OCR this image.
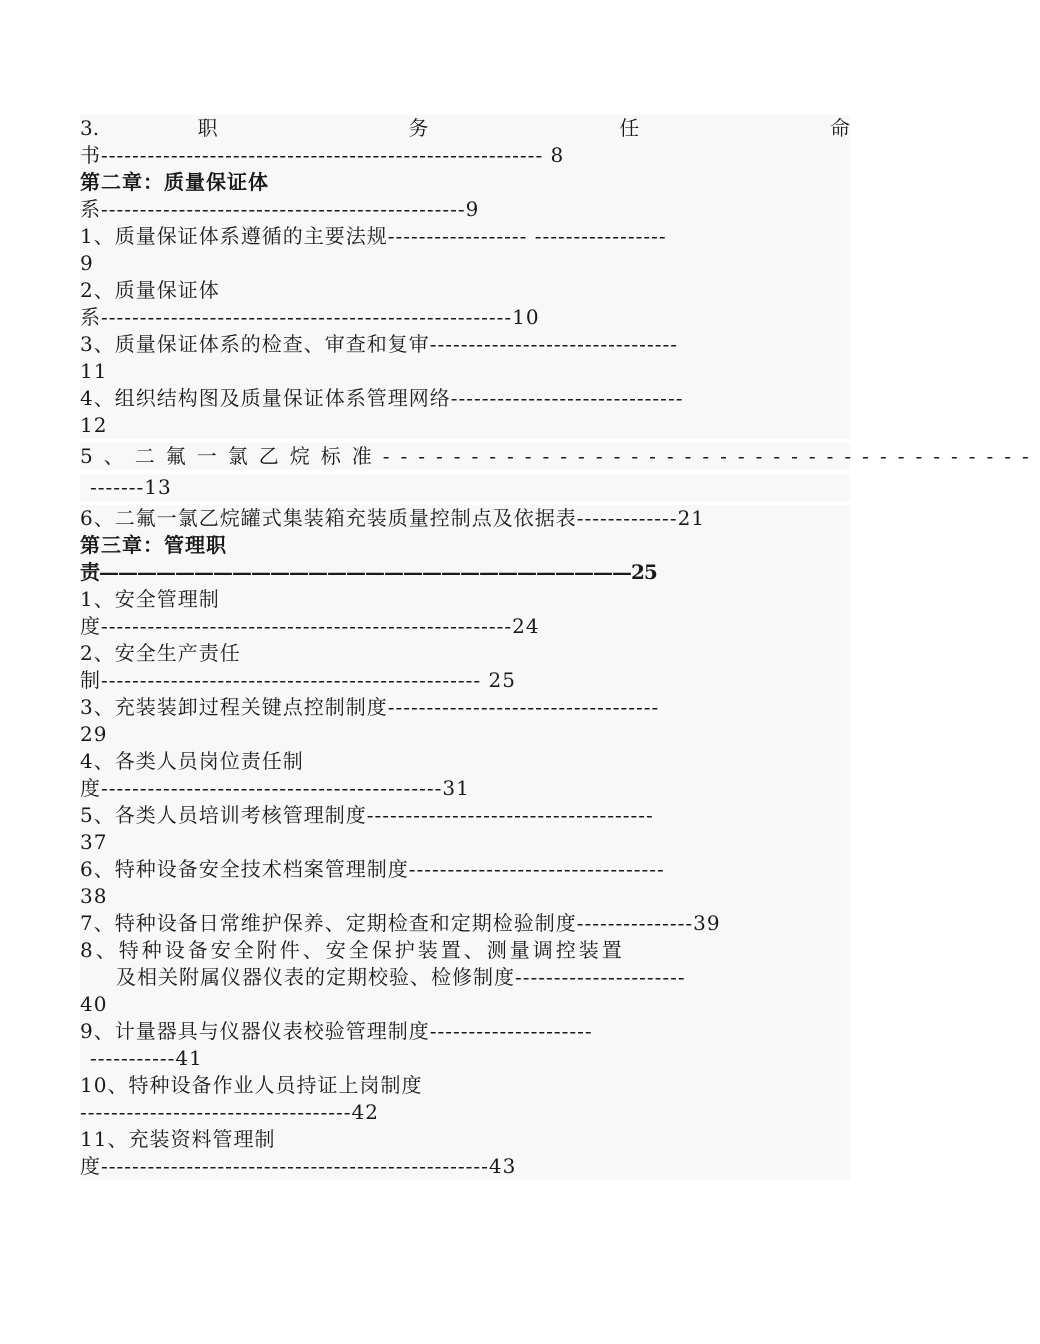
3. 职 务 任 命
书--------------------------------------------------------- 8
第二章：质量保证体
系-----------------------------------------------9
1、质量保证体系遵循的主要法规------------------ -----------------
9
2、质量保证体
系-----------------------------------------------------10
3、质量保证体系的检查、审查和复审--------------------------------
11
4、组织结构图及质量保证体系管理网络------------------------------
12
5、二氟一氯乙烷标准-------------------------------------
-------13
6、二氟一氯乙烷罐式集装箱充装质量控制点及依据表-------------21
第三章：管理职
责————————————————————————————25
1、安全管理制
度-----------------------------------------------------24
2、安全生产责任
制------------------------------------------------- 25
3、充装装卸过程关键点控制制度-----------------------------------
29
4、各类人员岗位责任制
度--------------------------------------------31
5、各类人员培训考核管理制度-------------------------------------
37
6、特种设备安全技术档案管理制度---------------------------------
38
7、特种设备日常维护保养、定期检查和定期检验制度---------------39
8、特种设备安全附件、安全保护装置、测量调控装置
及相关附属仪器仪表的定期校验、检修制度----------------------
40
9、计量器具与仪器仪表校验管理制度---------------------
-----------41
10、特种设备作业人员持证上岗制度
-----------------------------------42
11、充装资料管理制
度--------------------------------------------------43
